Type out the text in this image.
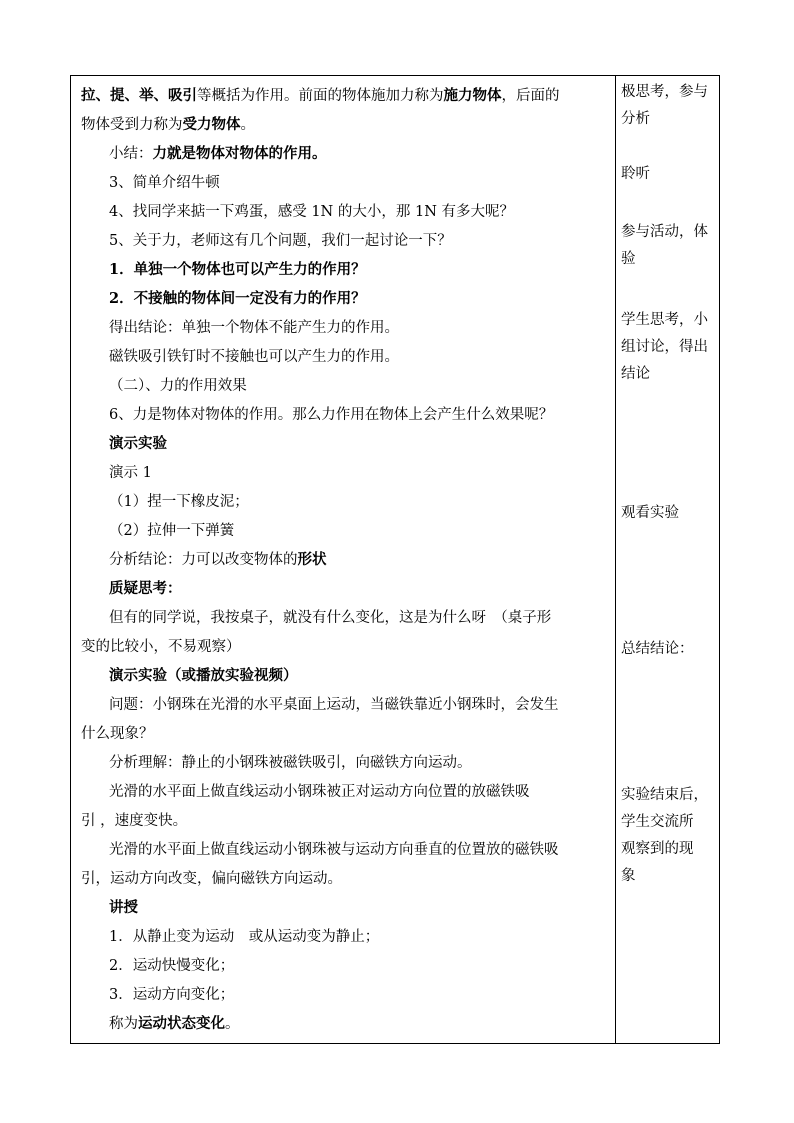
拉、提、举、吸引等概括为作用。前面的物体施加力称为施力物体，后面的
物体受到力称为受力物体。
小结：力就是物体对物体的作用。
3、简单介绍牛顿
4、找同学来掂一下鸡蛋，感受 1N 的大小，那 1N 有多大呢？
5、关于力，老师这有几个问题，我们一起讨论一下？
1．单独一个物体也可以产生力的作用？
2．不接触的物体间一定没有力的作用？
得出结论：单独一个物体不能产生力的作用。
磁铁吸引铁钉时不接触也可以产生力的作用。
（二）、力的作用效果
6、力是物体对物体的作用。那么力作用在物体上会产生什么效果呢？
演示实验
演示 1
（1）捏一下橡皮泥；
（2）拉伸一下弹簧
分析结论：力可以改变物体的形状
质疑思考：
但有的同学说，我按桌子，就没有什么变化，这是为什么呀　（桌子形
变的比较小，不易观察）
演示实验（或播放实验视频）
问题：小钢珠在光滑的水平桌面上运动，当磁铁靠近小钢珠时，会发生
什么现象？
分析理解：静止的小钢珠被磁铁吸引，向磁铁方向运动。
光滑的水平面上做直线运动小钢珠被正对运动方向位置的放磁铁吸
引 ，速度变快。
光滑的水平面上做直线运动小钢珠被与运动方向垂直的位置放的磁铁吸
引，运动方向改变，偏向磁铁方向运动。
讲授
1．从静止变为运动　或从运动变为静止；
2．运动快慢变化；
3．运动方向变化；
称为运动状态变化。
极思考，参与
分析
聆听
参与活动，体
验
学生思考，小
组讨论，得出
结论
观看实验
总结结论：
实验结束后，
学生交流所
观察到的现
象
